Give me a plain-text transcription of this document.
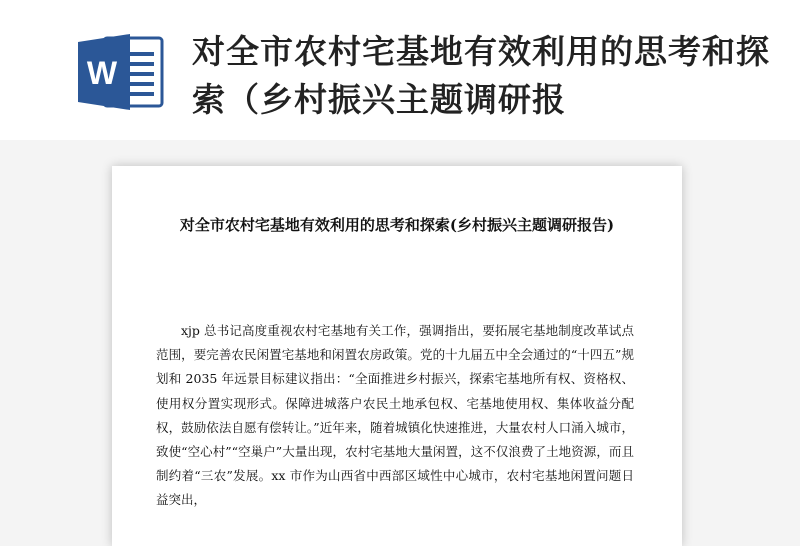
W
对全市农村宅基地有效利用的思考和探索（乡村振兴主题调研报
对全市农村宅基地有效利用的思考和探索(乡村振兴主题调研报告)

xjp 总书记高度重视农村宅基地有关工作，强调指出，要拓展宅基地制度改革试点范围，要完善农民闲置宅基地和闲置农房政策。党的十九届五中全会通过的“十四五”规划和 2035 年远景目标建议指出：“全面推进乡村振兴，探索宅基地所有权、资格权、使用权分置实现形式。保障进城落户农民土地承包权、宅基地使用权、集体收益分配权，鼓励依法自愿有偿转让。”近年来，随着城镇化快速推进，大量农村人口涌入城市，致使“空心村”“空巢户”大量出现，农村宅基地大量闲置，这不仅浪费了土地资源，而且制约着“三农”发展。xx 市作为山西省中西部区域性中心城市，农村宅基地闲置问题日益突出，
